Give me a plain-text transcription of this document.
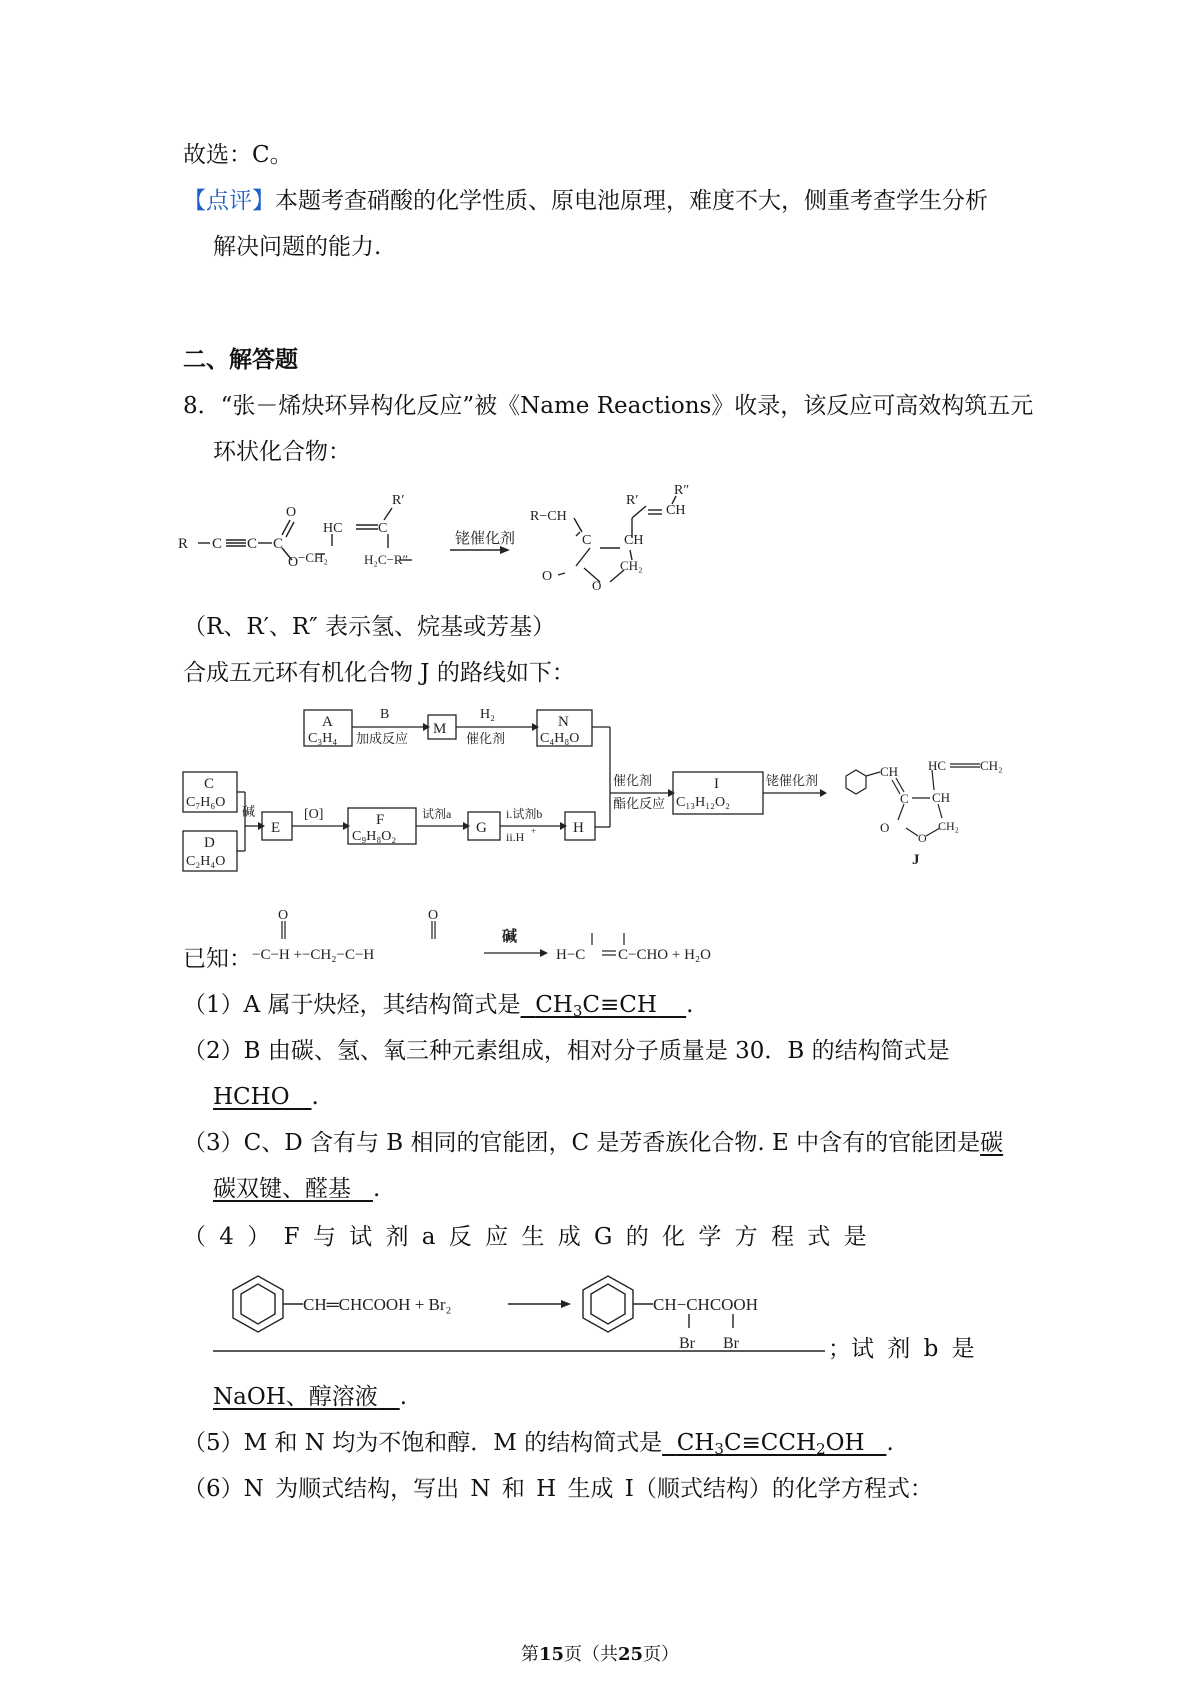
故选：C。
【点评】本题考查硝酸的化学性质、原电池原理，难度不大，侧重考查学生分析
解决问题的能力.
二、解答题
8．“张－烯炔环异构化反应”被《Name Reactions》收录，该反应可高效构筑五元
环状化合物：
R C C C
O
O −CH₂
HC	C
R′
H₂C−R″
铑催化剂
R−CH
C CH
CH₂
O
O
R′
CH
R″
（R、R′、R″ 表示氢、烷基或芳基）
合成五元环有机化合物 J 的路线如下：
A
C₃H₄
B
加成反应
M
H₂
催化剂
N
C₄H₈O
C
C₇H₆O
D
C₂H₄O
碱
E
[O]	F
C₉H₈O₂
试剂a
G
i.试剂b
ii.H + H
催化剂
酯化反应
I
C₁₃H₁₂O₂
铑催化剂
CH
C CH
HC	CH₂
CH₂
O
O
J
已知：
O	O
−C−H +−CH₂−C−H
碱
H−C C−CHO + H₂O
（1）A 属于炔烃，其结构简式是 $CH_3C\equiv CH$ .
（2）B 由碳、氢、氧三种元素组成，相对分子质量是 30．B 的结构简式是
HCHO .
（3）C、D 含有与 B 相同的官能团，C 是芳香族化合物. E 中含有的官能团是碳
碳双键、醛基 .
（ 4 ） F 与 试 剂 a 反 应 生 成 G 的 化 学 方 程 式 是
CH═CHCOOH + Br₂	CH−CHCOOH
Br Br	；试 剂 b 是
NaOH、醇溶液 .
（5）M 和 N 均为不饱和醇．M 的结构简式是 $CH_3C\equiv CCH_2OH$ .
（6）N 为顺式结构，写出 N 和 H 生成 I（顺式结构）的化学方程式：
第15页（共25页）
